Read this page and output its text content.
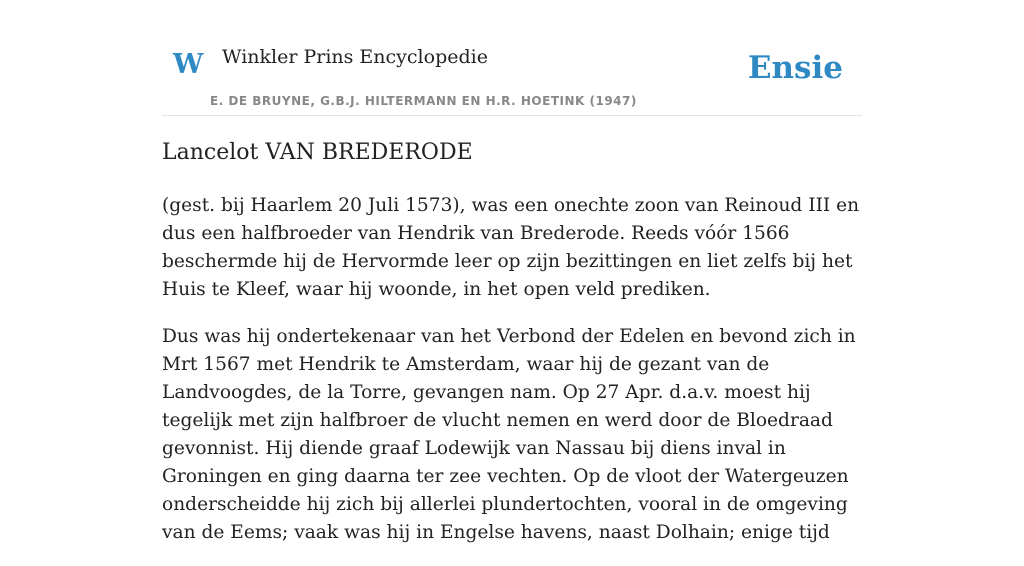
W Winkler Prins Encyclopedie
E. DE BRUYNE, G.B.J. HILTERMANN EN H.R. HOETINK (1947)
Ensie
Lancelot VAN BREDERODE

(gest. bij Haarlem 20 Juli 1573), was een onechte zoon van Reinoud III en dus een halfbroeder van Hendrik van Brederode. Reeds vóór 1566 beschermde hij de Hervormde leer op zijn bezittingen en liet zelfs bij het Huis te Kleef, waar hij woonde, in het open veld prediken.

Dus was hij ondertekenaar van het Verbond der Edelen en bevond zich in Mrt 1567 met Hendrik te Amsterdam, waar hij de gezant van de Landvoogdes, de la Torre, gevangen nam. Op 27 Apr. d.a.v. moest hij tegelijk met zijn halfbroer de vlucht nemen en werd door de Bloedraad gevonnist. Hij diende graaf Lodewijk van Nassau bij diens inval in Groningen en ging daarna ter zee vechten. Op de vloot der Watergeuzen onderscheidde hij zich bij allerlei plundertochten, vooral in de omgeving van de Eems; vaak was hij in Engelse havens, naast Dolhain; enige tijd
